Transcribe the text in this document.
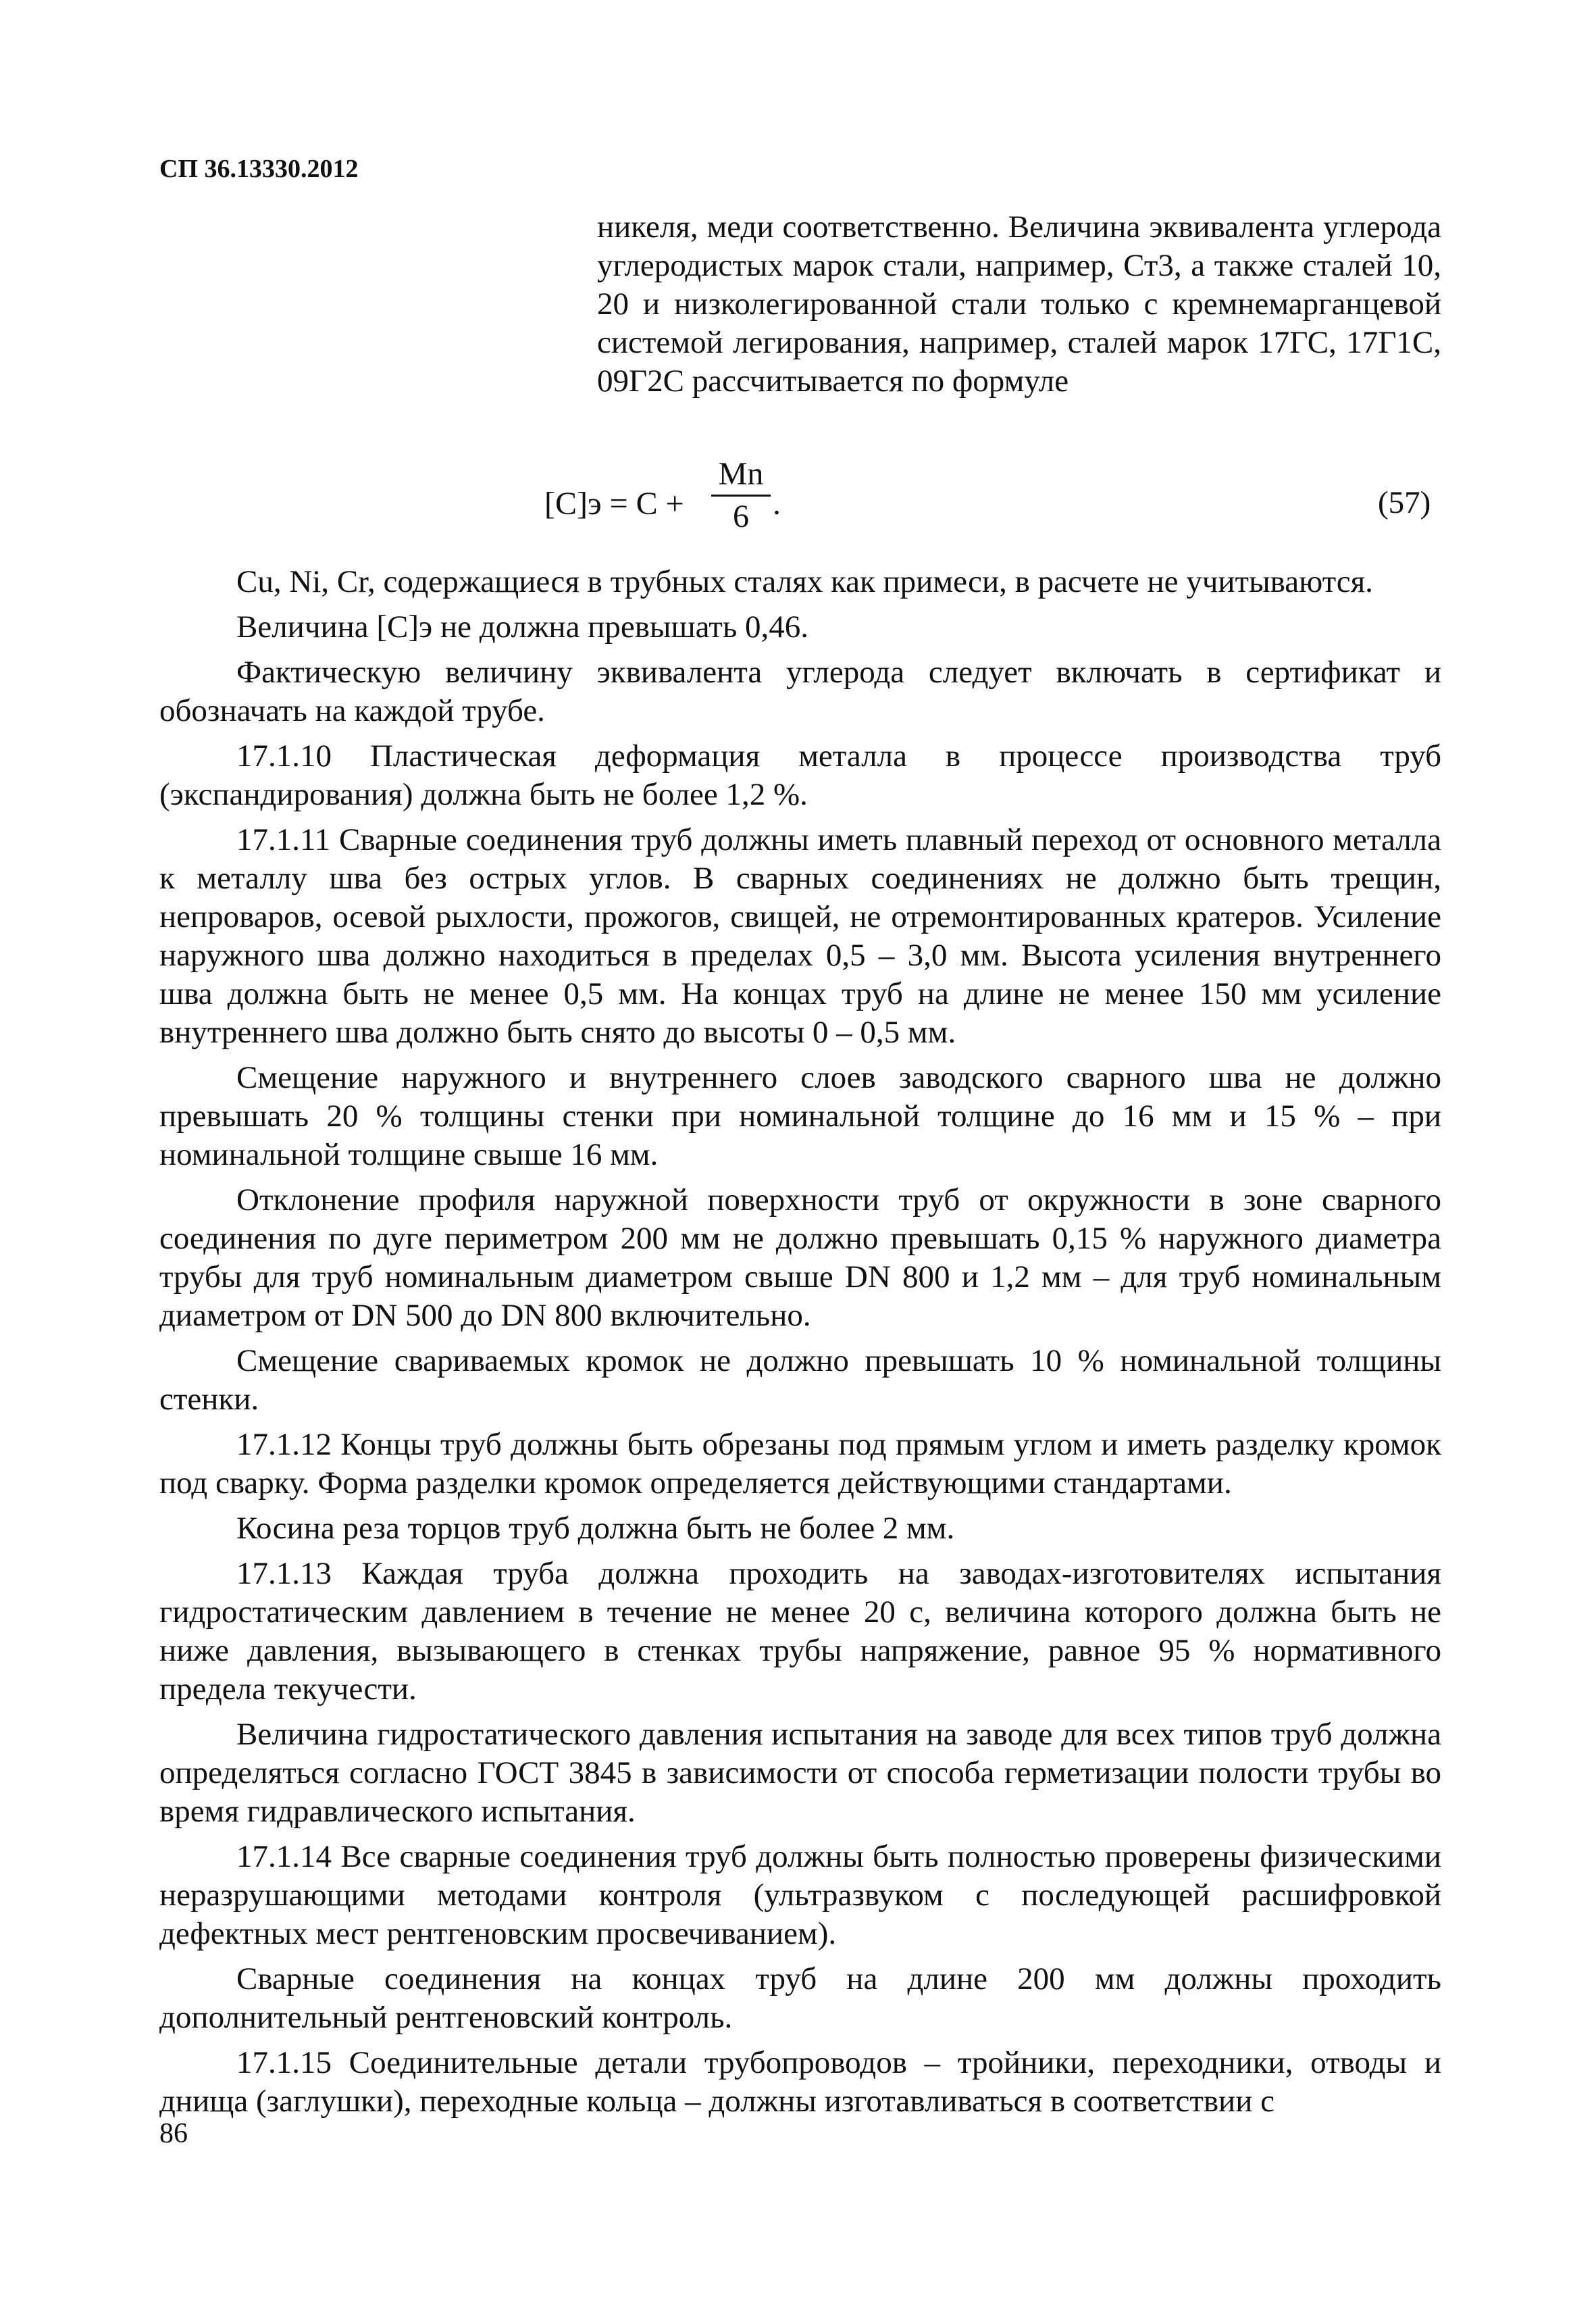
СП 36.13330.2012
никеля, меди соответственно. Величина эквивалента углерода углеродистых марок стали, например, Ст3, а также сталей 10, 20 и низколегированной стали только с кремнемарганцевой системой легирования, например, сталей марок 17ГС, 17Г1С, 09Г2С рассчитывается по формуле
[C]э = C +
Mn
6 .	(57)

Cu, Ni, Cr, содержащиеся в трубных сталях как примеси, в расчете не учитываются.

Величина [C]э не должна превышать 0,46.

Фактическую величину эквивалента углерода следует включать в сертификат и обозначать на каждой трубе.

17.1.10 Пластическая деформация металла в процессе производства труб (экспандирования) должна быть не более 1,2 %.

17.1.11 Сварные соединения труб должны иметь плавный переход от основного металла к металлу шва без острых углов. В сварных соединениях не должно быть трещин, непроваров, осевой рыхлости, прожогов, свищей, не отремонтированных кратеров. Усиление наружного шва должно находиться в пределах 0,5 – 3,0 мм. Высота усиления внутреннего шва должна быть не менее 0,5 мм. На концах труб на длине не менее 150 мм усиление внутреннего шва должно быть снято до высоты 0 – 0,5 мм.

Смещение наружного и внутреннего слоев заводского сварного шва не должно превышать 20 % толщины стенки при номинальной толщине до 16 мм и 15 % – при номинальной толщине свыше 16 мм.

Отклонение профиля наружной поверхности труб от окружности в зоне сварного соединения по дуге периметром 200 мм не должно превышать 0,15 % наружного диаметра трубы для труб номинальным диаметром свыше DN 800 и 1,2 мм – для труб номинальным диаметром от DN 500 до DN 800 включительно.

Смещение свариваемых кромок не должно превышать 10 % номинальной толщины стенки.

17.1.12 Концы труб должны быть обрезаны под прямым углом и иметь разделку кромок под сварку. Форма разделки кромок определяется действующими стандартами.

Косина реза торцов труб должна быть не более 2 мм.

17.1.13 Каждая труба должна проходить на заводах-изготовителях испытания гидростатическим давлением в течение не менее 20 с, величина которого должна быть не ниже давления, вызывающего в стенках трубы напряжение, равное 95 % нормативного предела текучести.

Величина гидростатического давления испытания на заводе для всех типов труб должна определяться согласно ГОСТ 3845 в зависимости от способа герметизации полости трубы во время гидравлического испытания.

17.1.14 Все сварные соединения труб должны быть полностью проверены физическими неразрушающими методами контроля (ультразвуком с последующей расшифровкой дефектных мест рентгеновским просвечиванием).

Сварные соединения на концах труб на длине 200 мм должны проходить дополнительный рентгеновский контроль.

17.1.15 Соединительные детали трубопроводов – тройники, переходники, отводы и днища (заглушки), переходные кольца – должны изготавливаться в соответствии с

86
